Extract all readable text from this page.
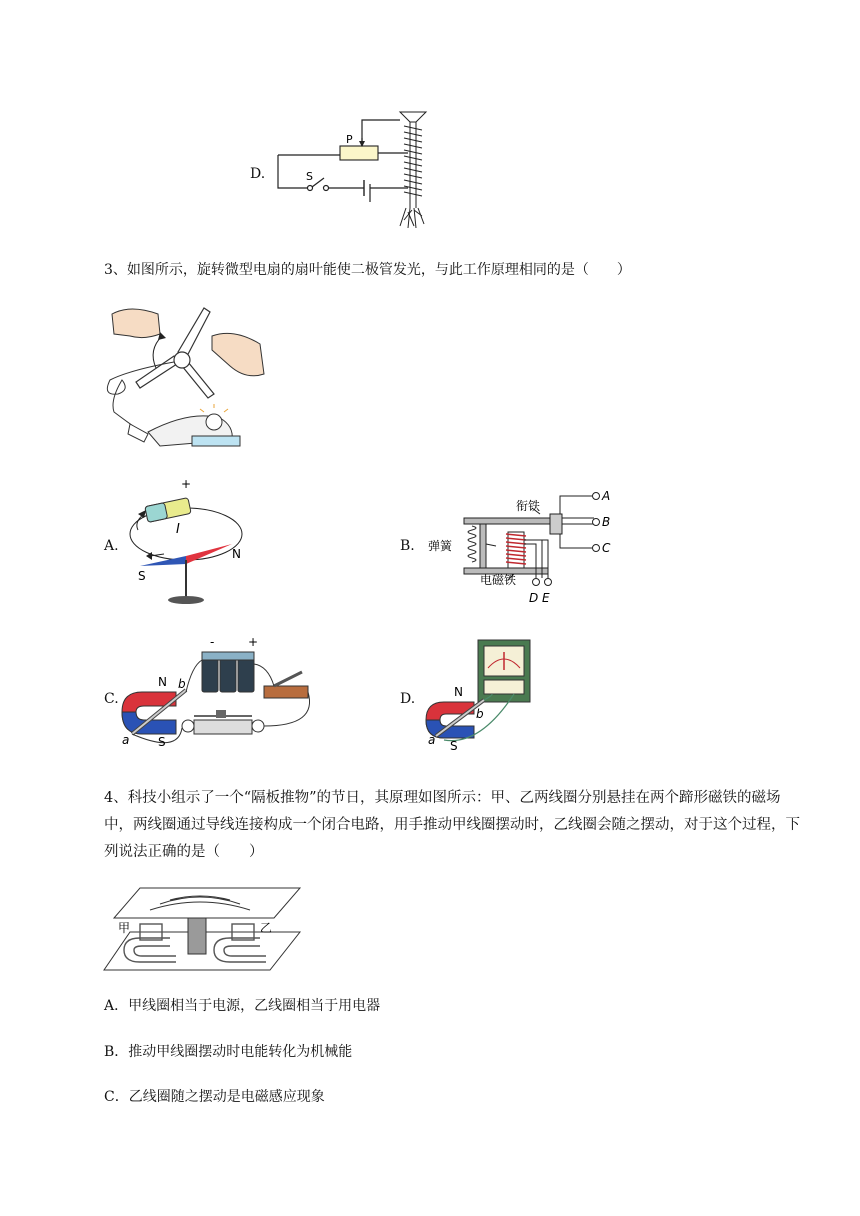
D.
P
S
3、如图所示，旋转微型电扇的扇叶能使二极管发光，与此工作原理相同的是（　　）
A.
+
I
N
S
B.
衔铁
弹簧
电磁铁
A
B
C
D E
C.
-	+
N
S
a
b
D.	N
S
a
b
4、科技小组示了一个“隔板推物”的节日，其原理如图所示：甲、乙两线圈分别悬挂在两个蹄形磁铁的磁场中，两线圈通过导线连接构成一个闭合电路，用手推动甲线圈摆动时，乙线圈会随之摆动，对于这个过程，下列说法正确的是（　　）
甲	乙
A．甲线圈相当于电源，乙线圈相当于用电器
B．推动甲线圈摆动时电能转化为机械能
C．乙线圈随之摆动是电磁感应现象
